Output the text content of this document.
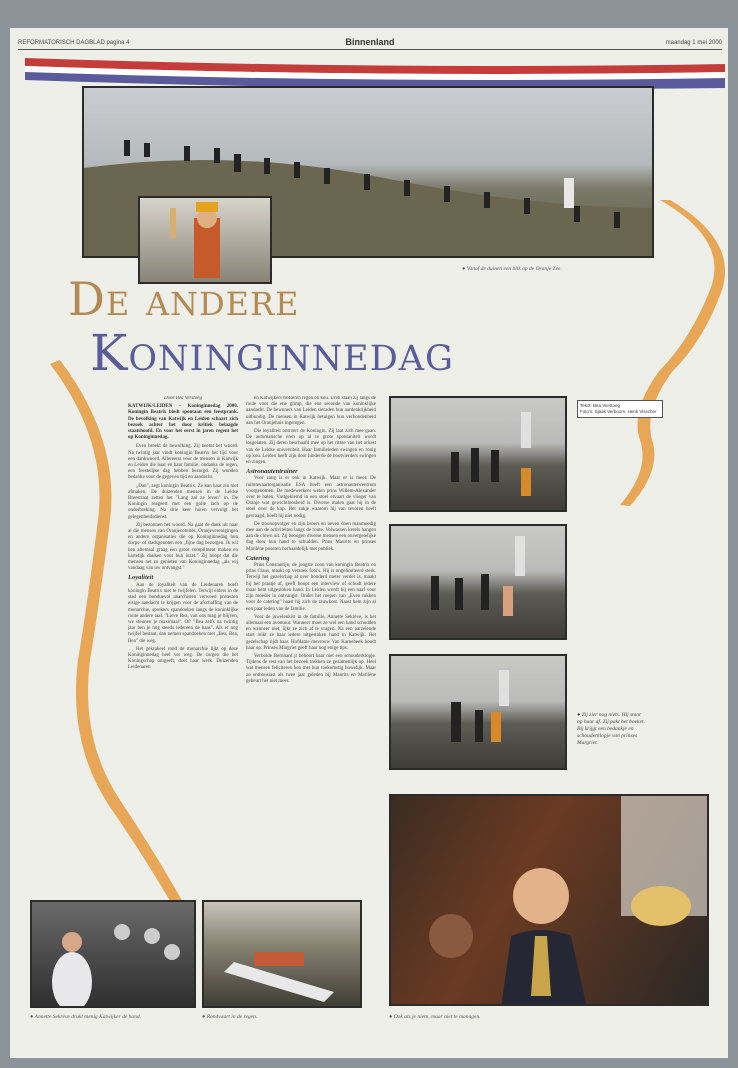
REFORMATORISCH DAGBLAD pagina 4	Binnenland	maandag 1 mei 2000
● Vanaf de duinen een blik op de Oranje Zee.
De andere
Koninginnedag
Door Bea Verstoeg
KATWIJK/LEIDEN – Koninginnedag 2000. Koningin Beatrix biedt spontaan een feestprank. De bevolking van Katwijk en Leiden schaart zich bezoek achter het door kritiek belaagde staatshoofd. En voor het eerst in jaren regent het op Koninginnedag.

Even breekt de bewolking. Zij neemt het woord. Na twintig jaar vindt koningin Beatrix het tijd voor een dankwoord. Allereerst voor de mensen in Katwijk en Leiden die haar en haar familie, ondanks de regen, een feestelijke dag hebben bezorgd. Zij wonden bedanke voor de gegeven tijd en aandacht.

„Dan”, zegt koningin Beatrix. Ze kan haar zin niet afmaken. De duizenden mensen in de Leidse Breestraat zetten het "Lang zal ze leven" in. De Koningin reageert met een golle lach op de onderbreking. Na drie keer horen vervolgt het gelegenheidsdienst.

Zij bezonnen het woord. Na gaat de dank uit naar al die mensen van Oranjecomités, Oranjeverenigingen en andere organisaties die op Koninginnedag hun dorps- of stadsgenoten een „fijne dag bezorgen. Ik wil hen allemaal graag een groot compliment maken en hartelijk danken voor hun inzet.” Zij hoopt dat die mensen net zo genieten van Koninginnedag „als wij vandaag van uw ontvangst.”

Loyaliteit

Aan de loyaliteit van de Leidenaren hoeft koningin Beatrix niet te twijfelen. Terwijl elders in de stad een bonduevol anarchisten verwoed protesten eisige aandacht te krijgen voor de afschaffing van de monarchie, sprekers spandoeken langs de koninklijke route andere taal. "Lieve Bea, van ons mag je blijven, we steunen je maximaal". Of: "Bea zelfs na twintig jaar ben je nog steeds iedereen de baas". Als er nog twijfel bestaat, dan nemen spandoeken met „Bea, Bea, Bea” die weg.

Het gekrakeel rond de monarchie lijkt op deze Koninginnedag heel ver weg. De zorgen die het Koningschap omgeeft, doet haar werk. Duizenden Leidenaren

en Katwijkers trotseren regen en kou. Uren staan zij langs de route voor die ene glimp, die ene seconde van koninklijke aandacht. De bewoners van Leiden sieraden hun aardenkrijkheid uitbundig. De mensen in Katwijk betuigen hun verbondenheid aan het Oranjehuis ingetogen.

Die loyaliteit ontroert de Koningin. Zij laat zich mee gaan. De automatische eren op al te grote spontaniteit wordt losgelaten. Zij deren beschaafd mee op het ritme van het orkest van de Leidse universiteit. Haar familieleden swingen en ronig op kou. Leiden heeft zijn door hinderde de bootvierders swingen en zingen.

Astronautentrainer

Voor zang is er ook in Katwijk. Maar er is meer. De ruimtevaartorganisatie ESA heeft een astronautencentrum voorgenomen. De medewerkers weten prins Willem-Alexander over te halen. Vastgeklemd in een stoel ervaart de vlieger van Oranje wat gewichtloosheid is. Diverse malen gaat hij in de stoel over de kop. Het zakje waarom hij van tevoren heeft gevraagd, hoeft hij niet nodig.

De troonopvolger en zijn broers en neven doen manmoedig mee aan de activiteiten langs de route. Volwassen kerels hangen aan de clown uit. Zij beoogen diverse mensen een onvergetelijke dag door hun hand te schudden. Prins Maurits en prinses Marilène poseren herhaaldelijk met publiek.

Catering

Prins Constantijn, de jongste zoon van koningin Beatrix en prins Claus, maakt op verzoek foto's. Hij is ongelimiteerd sterk. Terwijl het gezelschap al over honderd meter verder is, maakt hij het praatje af, geeft hoopt een interview of schudt iedere maar hem uitgestoken hand. In Leiden wordt hij een naaf voor zijn moeder in ontvangst. Onder het roepen van „Even rukken voor de catering” haast hij zich de rauwkost. Naast hem zijn al een paar leden van de familie.

Voor de juwelenkist in de familie, Annette Sekrève, is het allemaal een avontuur. Wanneer moet ze wel een hand schudden en wanneer niet, lijkt ze zich af te vragen. Na een aarzelende start reikt ze haar iedere uitgestoken hand in Katwijk. Het gezelschap rijdt haar. Hofdame mevrouw Van Karnebeek houdt haar op. Prinses Margriet geeft haar nog enige tips.

Verbolde Bernhard jr behoort haar niet een schouderklopje. Tijdens de rest van het bezoek trekken ze gezamenlijk op. Heel wat mensen feliciteren hen met hun toekomstig huwelijk. Maar zo enthousiast als twee jaar geleden bij Maurits en Marilène gebeurt het niet meer.

Tekst: Bea Verstoeg
Foto's: Sjaak Verboom, Henk Visscher
● Zij zier nog niets. Hij staat op haar af. Zij pakt het boeket. Bij krijgt een bedankje en schouderklopje van prinses Margriet.
● Annette Sekrève drukt menig Katwijker de hand.	● Rondvaart in de regen.	● Ook als je nietn, maar niet te managen.
